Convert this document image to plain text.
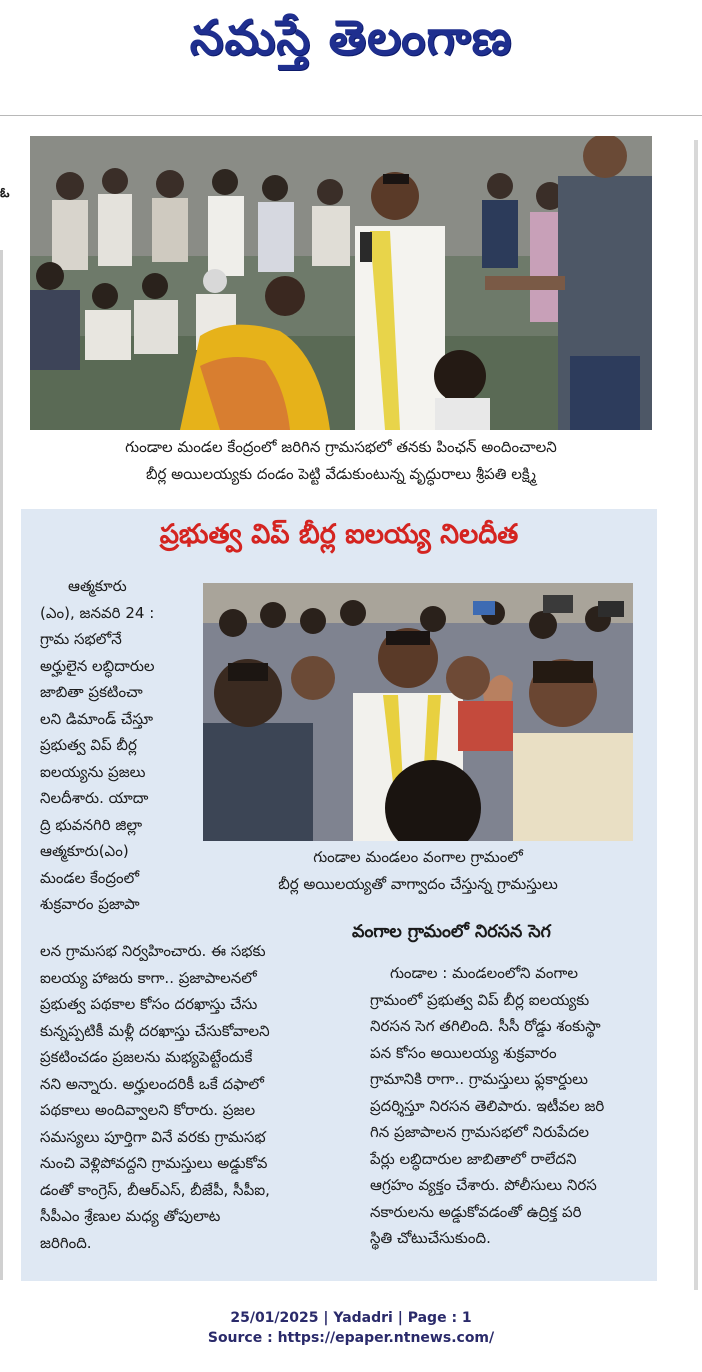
నమస్తే తెలంగాణ
ఓ
గుండాల మండల కేంద్రంలో జరిగిన గ్రామసభలో తనకు పింఛన్ అందించాలని
బీర్ల అయిలయ్యకు దండం పెట్టి వేడుకుంటున్న వృద్ధురాలు శ్రీపతి లక్ష్మి
ప్రభుత్వ విప్ బీర్ల ఐలయ్య నిలదీత
గుండాల మండలం వంగాల గ్రామంలో
బీర్ల అయిలయ్యతో వాగ్వాదం చేస్తున్న గ్రామస్తులు
ఆత్మకూరు
(ఎం), జనవరి 24 :
గ్రామ సభలోనే
అర్హులైన లబ్ధిదారుల
జాబితా ప్రకటించా
లని డిమాండ్ చేస్తూ
ప్రభుత్వ విప్ బీర్ల
ఐలయ్యను ప్రజలు
నిలదీశారు. యాదా
ద్రి భువనగిరి జిల్లా
ఆత్మకూరు(ఎం)
మండల కేంద్రంలో
శుక్రవారం ప్రజాపా
లన గ్రామసభ నిర్వహించారు. ఈ సభకు
ఐలయ్య హాజరు కాగా.. ప్రజాపాలనలో
ప్రభుత్వ పథకాల కోసం దరఖాస్తు చేసు
కున్నప్పటికీ మళ్లీ దరఖాస్తు చేసుకోవాలని
ప్రకటించడం ప్రజలను మభ్యపెట్టేందుకే
నని అన్నారు. అర్హులందరికీ ఒకే దఫాలో
పథకాలు అందివ్వాలని కోరారు. ప్రజల
సమస్యలు పూర్తిగా వినే వరకు గ్రామసభ
నుంచి వెళ్లిపోవద్దని గ్రామస్తులు అడ్డుకోవ
డంతో కాంగ్రెస్, బీఆర్ఎస్, బీజేపీ, సీపీఐ,
సీపీఎం శ్రేణుల మధ్య తోపులాట
జరిగింది.
వంగాల గ్రామంలో నిరసన సెగ
గుండాల : మండలంలోని వంగాల
గ్రామంలో ప్రభుత్వ విప్ బీర్ల ఐలయ్యకు
నిరసన సెగ తగిలింది. సీసీ రోడ్డు శంకుస్థా
పన కోసం అయిలయ్య శుక్రవారం
గ్రామానికి రాగా.. గ్రామస్తులు ఫ్లకార్డులు
ప్రదర్శిస్తూ నిరసన తెలిపారు. ఇటీవల జరి
గిన ప్రజాపాలన గ్రామసభలో నిరుపేదల
పేర్లు లబ్ధిదారుల జాబితాలో రాలేదని
ఆగ్రహం వ్యక్తం చేశారు. పోలీసులు నిరస
నకారులను అడ్డుకోవడంతో ఉద్రిక్త పరి
స్థితి చోటుచేసుకుంది.
25/01/2025 | Yadadri | Page : 1
Source : https://epaper.ntnews.com/
